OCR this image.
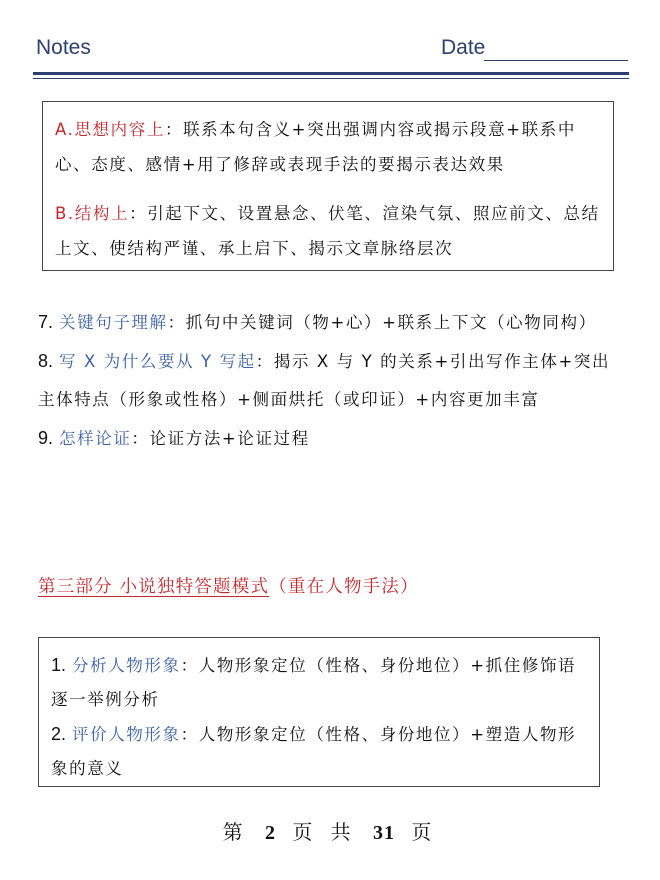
Notes	Date
A.思想内容上：联系本句含义+突出强调内容或揭示段意+联系中心、态度、感情+用了修辞或表现手法的要揭示表达效果
B.结构上：引起下文、设置悬念、伏笔、渲染气氛、照应前文、总结上文、使结构严谨、承上启下、揭示文章脉络层次
7. 关键句子理解：抓句中关键词（物+心）+联系上下文（心物同构）
8. 写 X 为什么要从 Y 写起：揭示 X 与 Y 的关系+引出写作主体+突出主体特点（形象或性格）+侧面烘托（或印证）+内容更加丰富
9. 怎样论证：论证方法+论证过程
第三部分 小说独特答题模式（重在人物手法）
1. 分析人物形象：人物形象定位（性格、身份地位）+抓住修饰语逐一举例分析
2. 评价人物形象：人物形象定位（性格、身份地位）+塑造人物形象的意义
第 2 页 共 31 页
